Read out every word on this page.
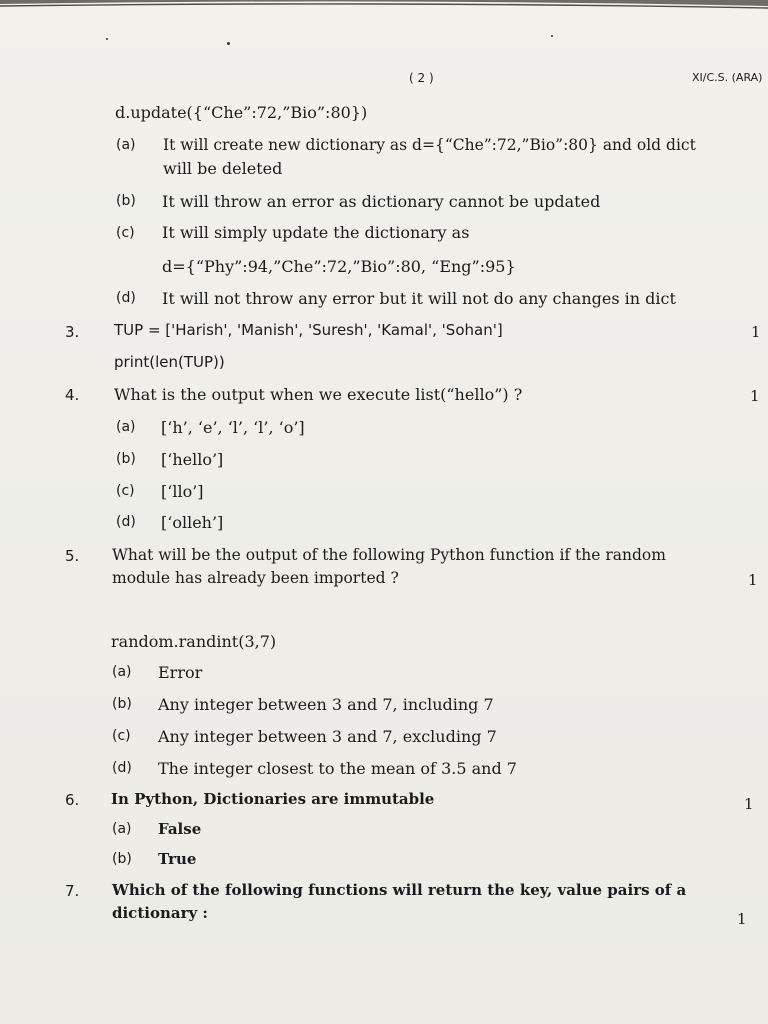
( 2 )	XI/C.S. (ARA)
d.update({“Che”:72,”Bio”:80})
(a) It will create new dictionary as d={“Che”:72,”Bio”:80} and old dict
will be deleted
(b) It will throw an error as dictionary cannot be updated
(c) It will simply update the dictionary as
d={“Phy”:94,”Che”:72,”Bio”:80, “Eng”:95}
(d) It will not throw any error but it will not do any changes in dict
3. TUP = ['Harish', 'Manish', 'Suresh', 'Kamal', 'Sohan']	1
print(len(TUP))
4. What is the output when we execute list(“hello”) ?	1
(a) [‘h’, ‘e’, ‘l’, ‘l’, ‘o’]
(b) [‘hello’]
(c) [‘llo’]
(d) [‘olleh’]
5. What will be the output of the following Python function if the random
module has already been imported ?	1
random.randint(3,7)
(a) Error
(b) Any integer between 3 and 7, including 7
(c) Any integer between 3 and 7, excluding 7
(d) The integer closest to the mean of 3.5 and 7
6. In Python, Dictionaries are immutable	1
(a) False
(b) True
7. Which of the following functions will return the key, value pairs of a
dictionary :	1
